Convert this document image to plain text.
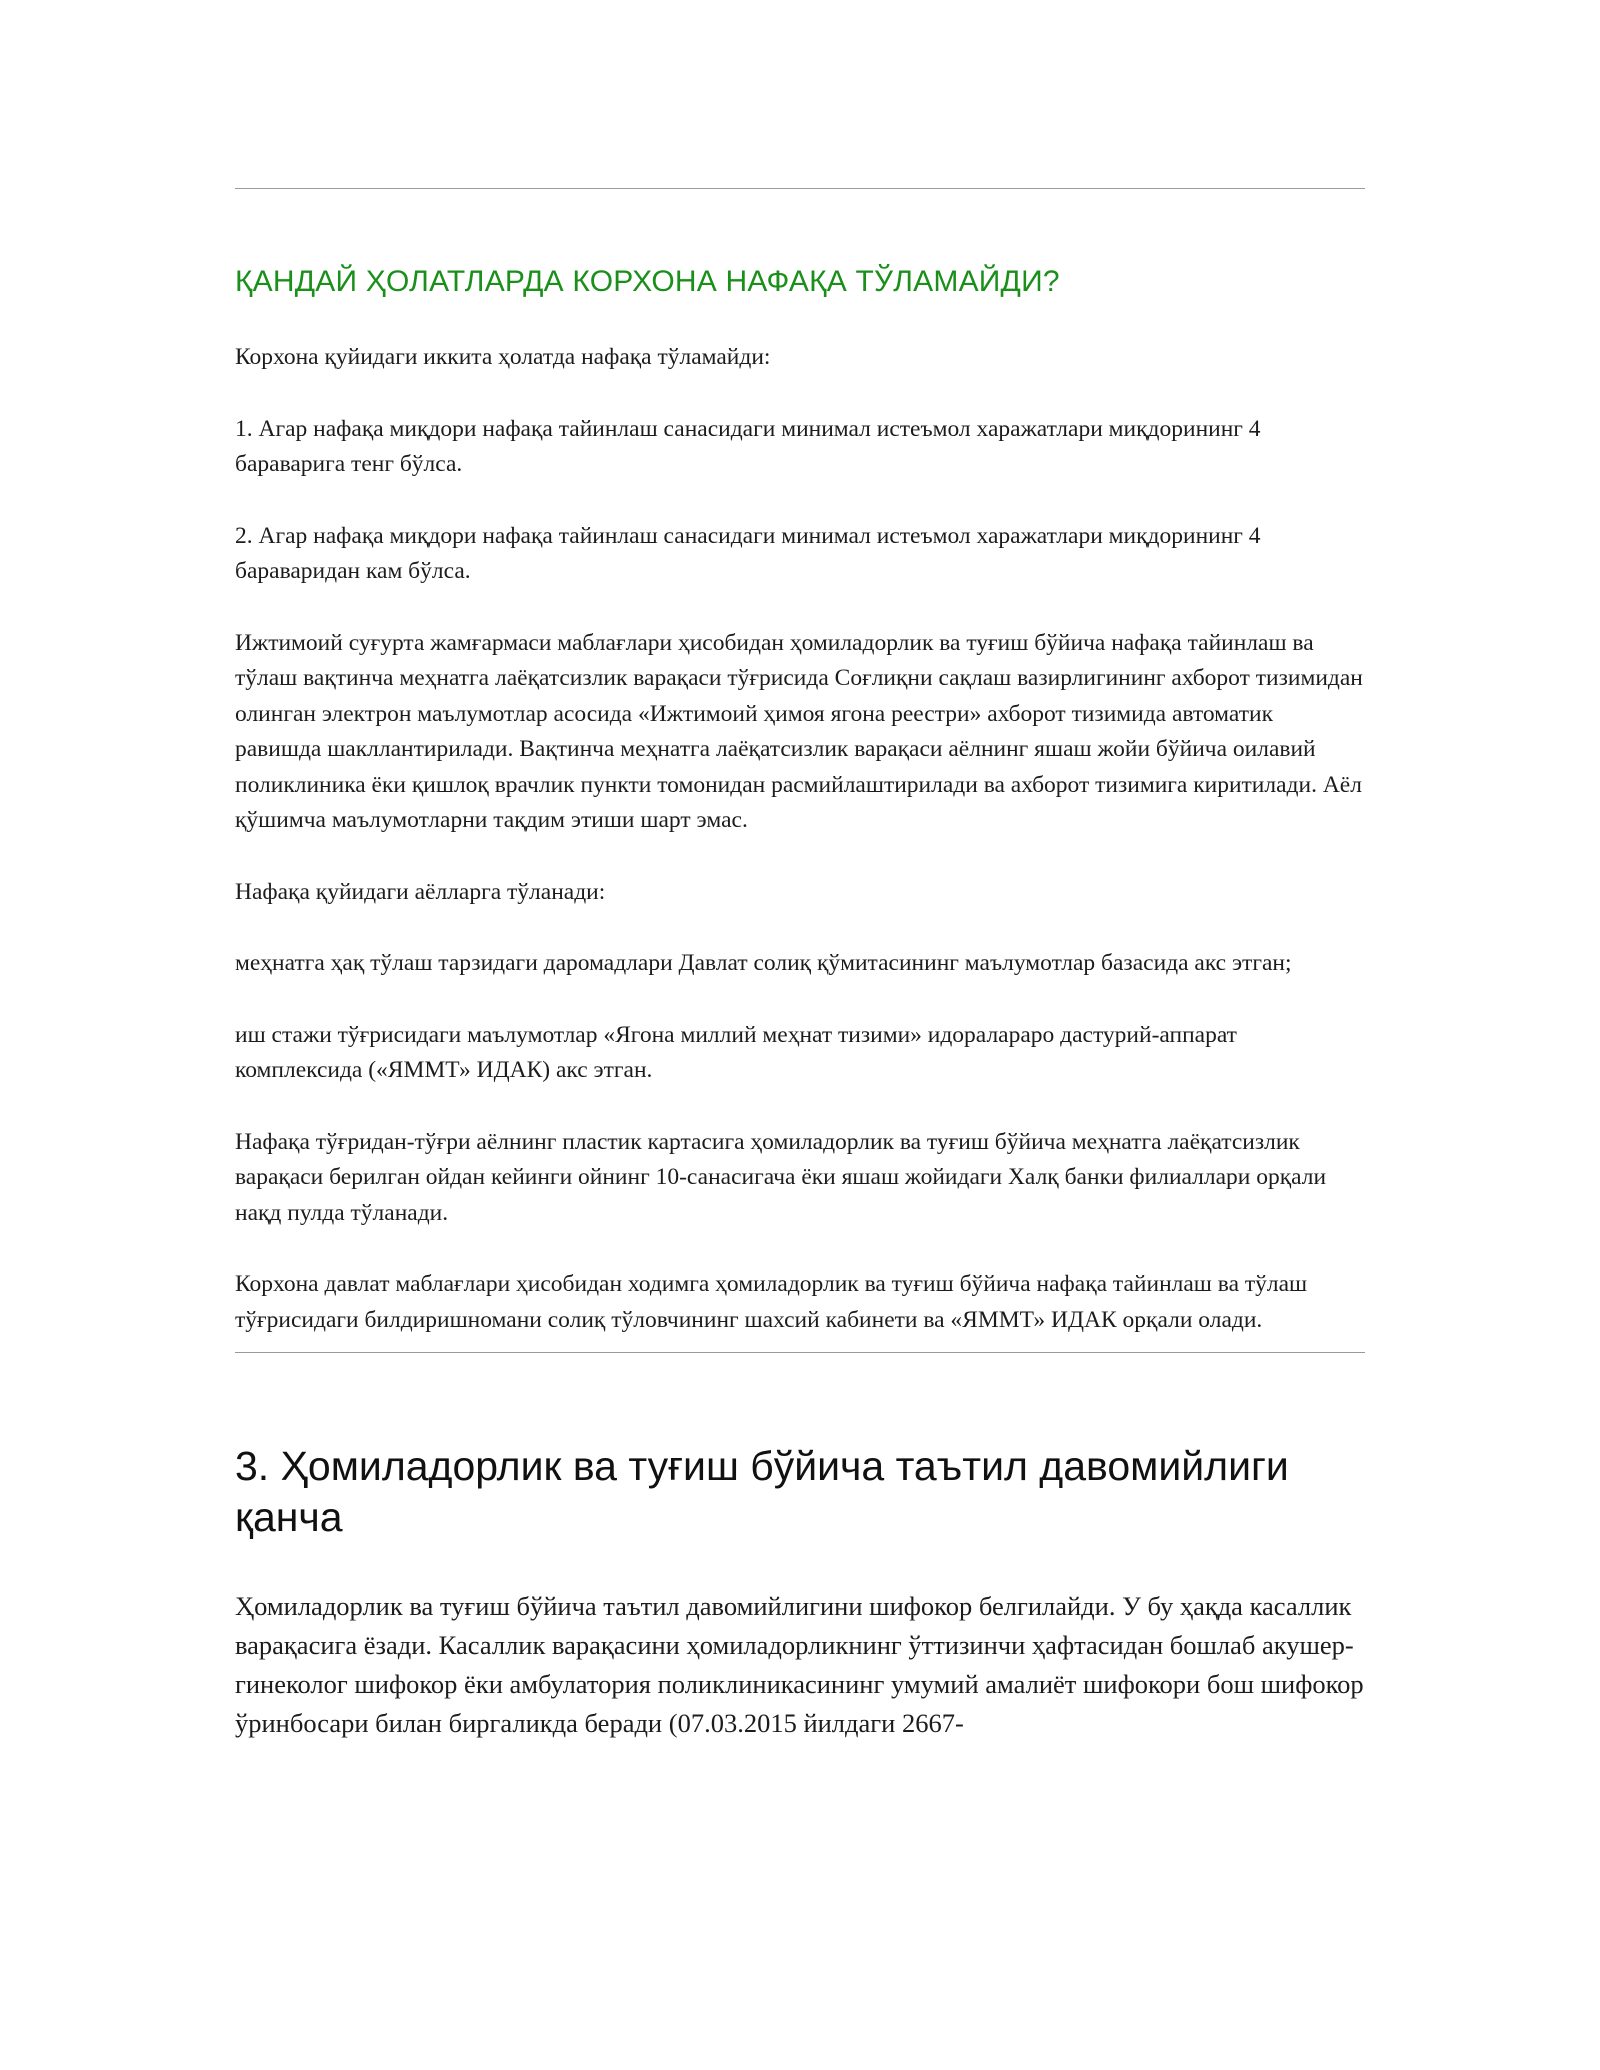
ҚАНДАЙ ҲОЛАТЛАРДА КОРХОНА НАФАҚА ТЎЛАМАЙДИ?

Корхона қуйидаги иккита ҳолатда нафақа тўламайди:

1. Агар нафақа миқдори нафақа тайинлаш санасидаги минимал истеъмол харажатлари миқдорининг 4 бараварига тенг бўлса.

2. Агар нафақа миқдори нафақа тайинлаш санасидаги минимал истеъмол харажатлари миқдорининг 4 бараваридан кам бўлса.

Ижтимоий суғурта жамғармаси маблағлари ҳисобидан ҳомиладорлик ва туғиш бўйича нафақа тайинлаш ва тўлаш вақтинча меҳнатга лаёқатсизлик варақаси тўғрисида Соғлиқни сақлаш вазирлигининг ахборот тизимидан олинган электрон маълумотлар асосида «Ижтимоий ҳимоя ягона реестри» ахборот тизимида автоматик равишда шакллантирилади. Вақтинча меҳнатга лаёқатсизлик варақаси аёлнинг яшаш жойи бўйича оилавий поликлиника ёки қишлоқ врачлик пункти томонидан расмийлаштирилади ва ахборот тизимига киритилади. Аёл қўшимча маълумотларни тақдим этиши шарт эмас.

Нафақа қуйидаги аёлларга тўланади:

меҳнатга ҳақ тўлаш тарзидаги даромадлари Давлат солиқ қўмитасининг маълумотлар базасида акс этган;

иш стажи тўғрисидаги маълумотлар «Ягона миллий меҳнат тизими» идоралараро дастурий-аппарат комплексида («ЯММТ» ИДАК) акс этган.

Нафақа тўғридан-тўғри аёлнинг пластик картасига ҳомиладорлик ва туғиш бўйича меҳнатга лаёқатсизлик варақаси берилган ойдан кейинги ойнинг 10-санасигача ёки яшаш жойидаги Халқ банки филиаллари орқали нақд пулда тўланади.

Корхона давлат маблағлари ҳисобидан ходимга ҳомиладорлик ва туғиш бўйича нафақа тайинлаш ва тўлаш тўғрисидаги билдиришномани солиқ тўловчининг шахсий кабинети ва «ЯММТ» ИДАК орқали олади.

3. Ҳомиладорлик ва туғиш бўйича таътил давомийлиги қанча

Ҳомиладорлик ва туғиш бўйича таътил давомийлигини шифокор белгилайди. У бу ҳақда касаллик варақасига ёзади. Касаллик варақасини ҳомиладорликнинг ўттизинчи ҳафтасидан бошлаб акушер-гинеколог шифокор ёки амбулатория поликлиникасининг умумий амалиёт шифокори бош шифокор ўринбосари билан биргаликда беради (07.03.2015 йилдаги 2667-
